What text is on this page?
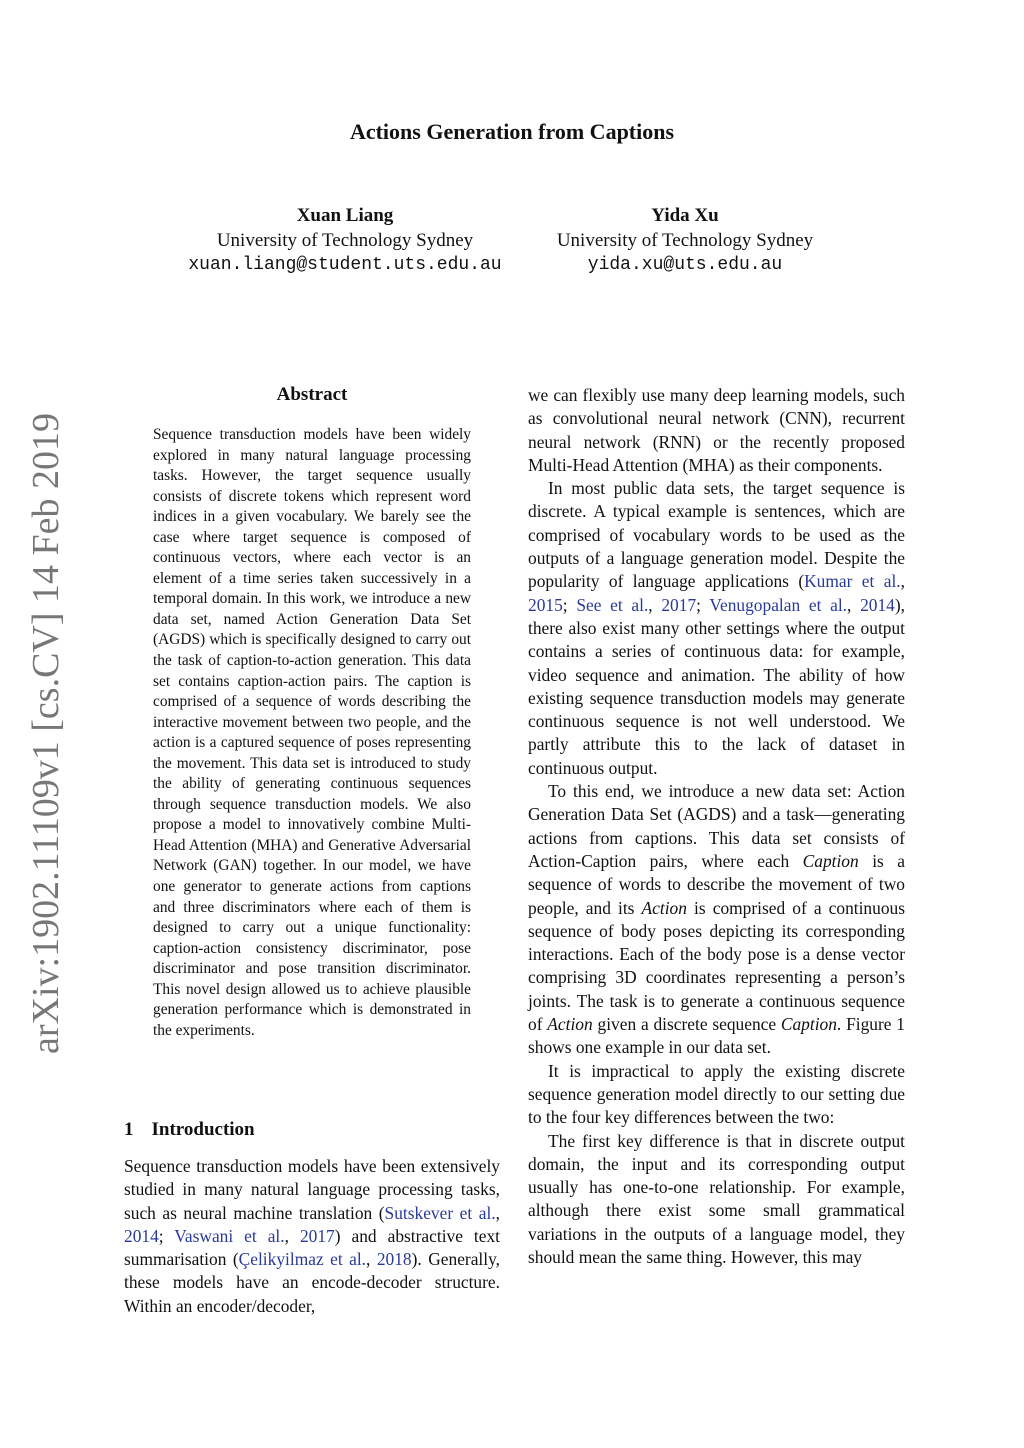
Actions Generation from Captions
Xuan Liang
University of Technology Sydney
xuan.liang@student.uts.edu.au
Yida Xu
University of Technology Sydney
yida.xu@uts.edu.au
arXiv:1902.11109v1 [cs.CV] 14 Feb 2019
Abstract
Sequence transduction models have been widely explored in many natural language processing tasks. However, the target sequence usually consists of discrete tokens which represent word indices in a given vocabulary. We barely see the case where target sequence is composed of continuous vectors, where each vector is an element of a time series taken successively in a temporal domain. In this work, we introduce a new data set, named Action Generation Data Set (AGDS) which is specifically designed to carry out the task of caption-to-action generation. This data set contains caption-action pairs. The caption is comprised of a sequence of words describing the interactive movement between two people, and the action is a captured sequence of poses representing the movement. This data set is introduced to study the ability of generating continuous sequences through sequence transduction models. We also propose a model to innovatively combine Multi-Head Attention (MHA) and Generative Adversarial Network (GAN) together. In our model, we have one generator to generate actions from captions and three discriminators where each of them is designed to carry out a unique functionality: caption-action consistency discriminator, pose discriminator and pose transition discriminator. This novel design allowed us to achieve plausible generation performance which is demonstrated in the experiments.
1 Introduction

Sequence transduction models have been extensively studied in many natural language processing tasks, such as neural machine translation (Sutskever et al., 2014; Vaswani et al., 2017) and abstractive text summarisation (Çelikyilmaz et al., 2018). Generally, these models have an encode-decoder structure. Within an encoder/decoder,

we can flexibly use many deep learning models, such as convolutional neural network (CNN), recurrent neural network (RNN) or the recently proposed Multi-Head Attention (MHA) as their components.

In most public data sets, the target sequence is discrete. A typical example is sentences, which are comprised of vocabulary words to be used as the outputs of a language generation model. Despite the popularity of language applications (Kumar et al., 2015; See et al., 2017; Venugopalan et al., 2014), there also exist many other settings where the output contains a series of continuous data: for example, video sequence and animation. The ability of how existing sequence transduction models may generate continuous sequence is not well understood. We partly attribute this to the lack of dataset in continuous output.

To this end, we introduce a new data set: Action Generation Data Set (AGDS) and a task—generating actions from captions. This data set consists of Action-Caption pairs, where each Caption is a sequence of words to describe the movement of two people, and its Action is comprised of a continuous sequence of body poses depicting its corresponding interactions. Each of the body pose is a dense vector comprising 3D coordinates representing a person’s joints. The task is to generate a continuous sequence of Action given a discrete sequence Caption. Figure 1 shows one example in our data set.

It is impractical to apply the existing discrete sequence generation model directly to our setting due to the four key differences between the two:

The first key difference is that in discrete output domain, the input and its corresponding output usually has one-to-one relationship. For example, although there exist some small grammatical variations in the outputs of a language model, they should mean the same thing. However, this may
